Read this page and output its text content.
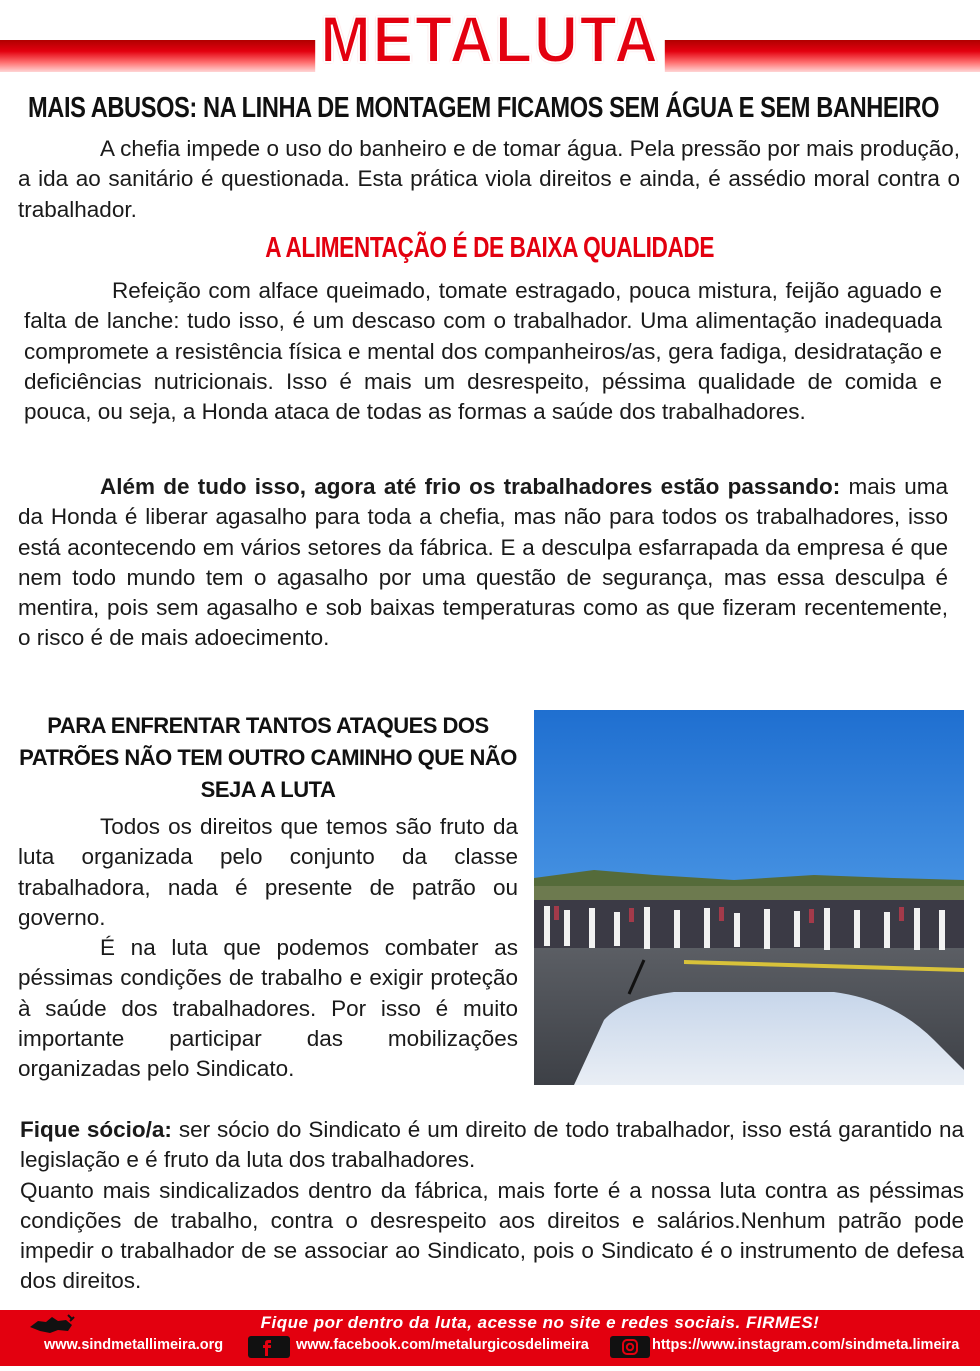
METALUTA
MAIS ABUSOS: NA LINHA DE MONTAGEM FICAMOS SEM ÁGUA E SEM BANHEIRO

A chefia impede o uso do banheiro e de tomar água. Pela pressão por mais produção, a ida ao sanitário é questionada. Esta prática viola direitos e ainda, é assédio moral contra o trabalhador.

A ALIMENTAÇÃO É DE BAIXA QUALIDADE

Refeição com alface queimado, tomate estragado, pouca mistura, feijão aguado e falta de lanche: tudo isso, é um descaso com o trabalhador. Uma alimentação inadequada compromete a resistência física e mental dos companheiros/as, gera fadiga, desidratação e deficiências nutricionais. Isso é mais um desrespeito, péssima qualidade de comida e pouca, ou seja, a Honda ataca de todas as formas a saúde dos trabalhadores.

Além de tudo isso, agora até frio os trabalhadores estão passando: mais uma da Honda é liberar agasalho para toda a chefia, mas não para todos os trabalhadores, isso está acontecendo em vários setores da fábrica. E a desculpa esfarrapada da empresa é que nem todo mundo tem o agasalho por uma questão de segurança, mas essa desculpa é mentira, pois sem agasalho e sob baixas temperaturas como as que fizeram recentemente, o risco é de mais adoecimento.

PARA ENFRENTAR TANTOS ATAQUES DOS PATRÕES NÃO TEM OUTRO CAMINHO QUE NÃO SEJA A LUTA
Todos os direitos que temos são fruto da luta organizada pelo conjunto da classe trabalhadora, nada é presente de patrão ou governo.
É na luta que podemos combater as péssimas condições de trabalho e exigir proteção à saúde dos trabalhadores. Por isso é muito importante participar das mobilizações organizadas pelo Sindicato.
Fique sócio/a: ser sócio do Sindicato é um direito de todo trabalhador, isso está garantido na legislação e é fruto da luta dos trabalhadores.
Quanto mais sindicalizados dentro da fábrica, mais forte é a nossa luta contra as péssimas condições de trabalho, contra o desrespeito aos direitos e salários.Nenhum patrão pode impedir o trabalhador de se associar ao Sindicato, pois o Sindicato é o instrumento de defesa dos direitos.
Fique por dentro da luta, acesse no site e redes sociais. FIRMES!
www.sindmetallimeira.org	www.facebook.com/metalurgicosdelimeira	https://www.instagram.com/sindmeta.limeira
